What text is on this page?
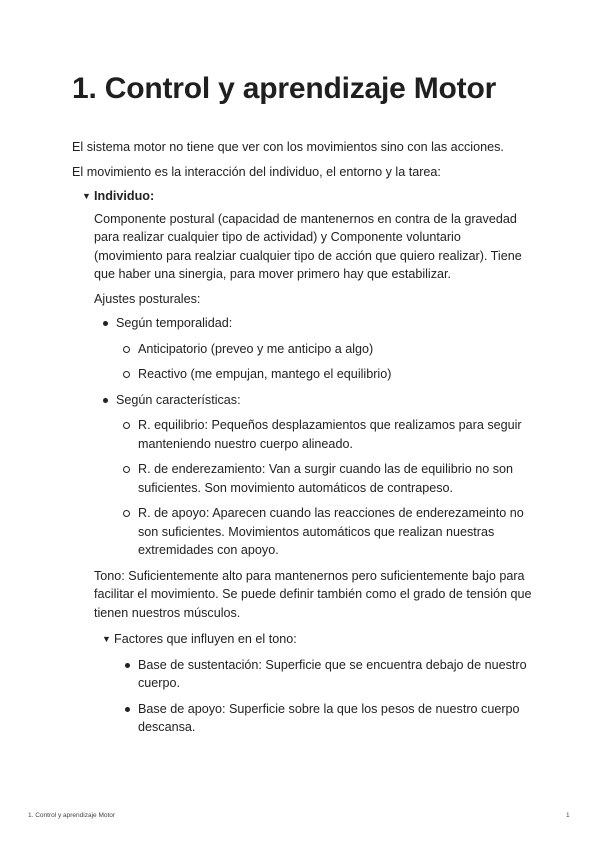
1. Control y aprendizaje Motor

El sistema motor no tiene que ver con los movimientos sino con las acciones.

El movimiento es la interacción del individuo, el entorno y la tarea:

▼ Individuo:

Componente postural (capacidad de mantenernos en contra de la gravedad para realizar cualquier tipo de actividad) y Componente voluntario (movimiento para realziar cualquier tipo de acción que quiero realizar). Tiene que haber una sinergia, para mover primero hay que estabilizar.

Ajustes posturales:

Según temporalidad:
Anticipatorio (preveo y me anticipo a algo)
Reactivo (me empujan, mantego el equilibrio)
Según características:
R. equilibrio: Pequeños desplazamientos que realizamos para seguir manteniendo nuestro cuerpo alineado.
R. de enderezamiento: Van a surgir cuando las de equilibrio no son suficientes. Son movimiento automáticos de contrapeso.
R. de apoyo: Aparecen cuando las reacciones de enderezameinto no son suficientes. Movimientos automáticos que realizan nuestras extremidades con apoyo.

Tono: Suficientemente alto para mantenernos pero suficientemente bajo para facilitar el movimiento. Se puede definir también como el grado de tensión que tienen nuestros músculos.

▼ Factores que influyen en el tono:
Base de sustentación: Superficie que se encuentra debajo de nuestro cuerpo.
Base de apoyo: Superficie sobre la que los pesos de nuestro cuerpo descansa.
1. Control y aprendizaje Motor	1
